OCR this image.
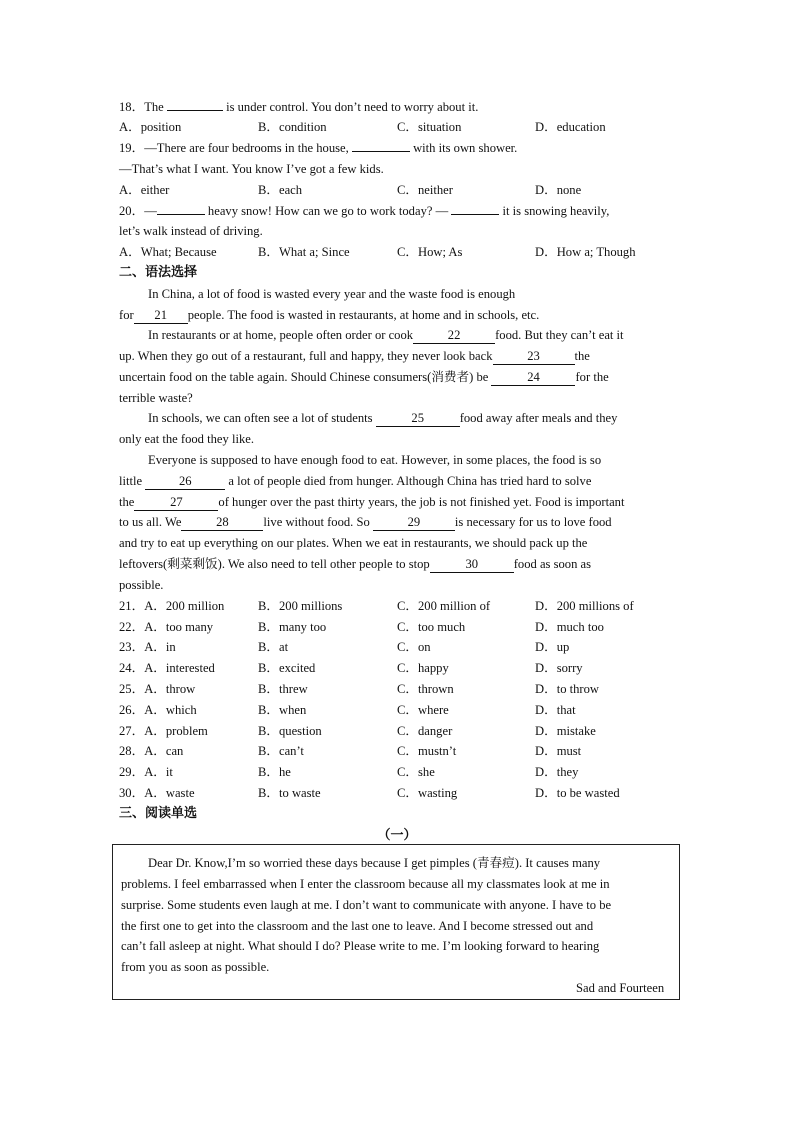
18．The	is under control. You don’t need to worry about it.
A．position	B．condition	C．situation	D．education
19．—There are four bedrooms in the house,	with its own shower.
—That’s what I want. You know I’ve got a few kids.
A．either	B．each	C．neither	D．none
20．—	heavy snow! How can we go to work today? —	it is snowing heavily,
let’s walk instead of driving.
A．What; Because	B．What a; Since	C．How; As	D．How a; Though
二、语法选择
In China, a lot of food is wasted every year and the waste food is enough
for 21 people. The food is wasted in restaurants, at home and in schools, etc.
In restaurants or at home, people often order or cook	22	food. But they can’t eat it
up. When they go out of a restaurant, full and happy, they never look back	23	the
uncertain food on the table again. Should Chinese consumers(消费者) be	24	for the
terrible waste?
In schools, we can often see a lot of students	25	food away after meals and they
only eat the food they like.
Everyone is supposed to have enough food to eat. However, in some places, the food is so
little	26	a lot of people died from hunger. Although China has tried hard to solve
the	27	of hunger over the past thirty years, the job is not finished yet. Food is important
to us all. We	28	live without food. So	29	is necessary for us to love food
and try to eat up everything on our plates. When we eat in restaurants, we should pack up the
leftovers(剩菜剩饭). We also need to tell other people to stop	30	food as soon as
possible.
21．A．200 million	B．200 millions	C．200 million of	D．200 millions of
22．A．too many	B．many too	C．too much	D．much too
23．A．in	B．at	C．on	D．up
24．A．interested	B．excited	C．happy	D．sorry
25．A．throw	B．threw	C．thrown	D．to throw
26．A．which	B．when	C．where	D．that
27．A．problem	B．question	C．danger	D．mistake
28．A．can	B．can’t	C．mustn’t	D．must
29．A．it	B．he	C．she	D．they
30．A．waste	B．to waste	C．wasting	D．to be wasted
三、阅读单选
（一）
Dear Dr. Know,I’m so worried these days because I get pimples (青春痘). It causes many
problems. I feel embarrassed when I enter the classroom because all my classmates look at me in
surprise. Some students even laugh at me. I don’t want to communicate with anyone. I have to be
the first one to get into the classroom and the last one to leave. And I become stressed out and
can’t fall asleep at night. What should I do? Please write to me. I’m looking forward to hearing
from you as soon as possible.
Sad and Fourteen
